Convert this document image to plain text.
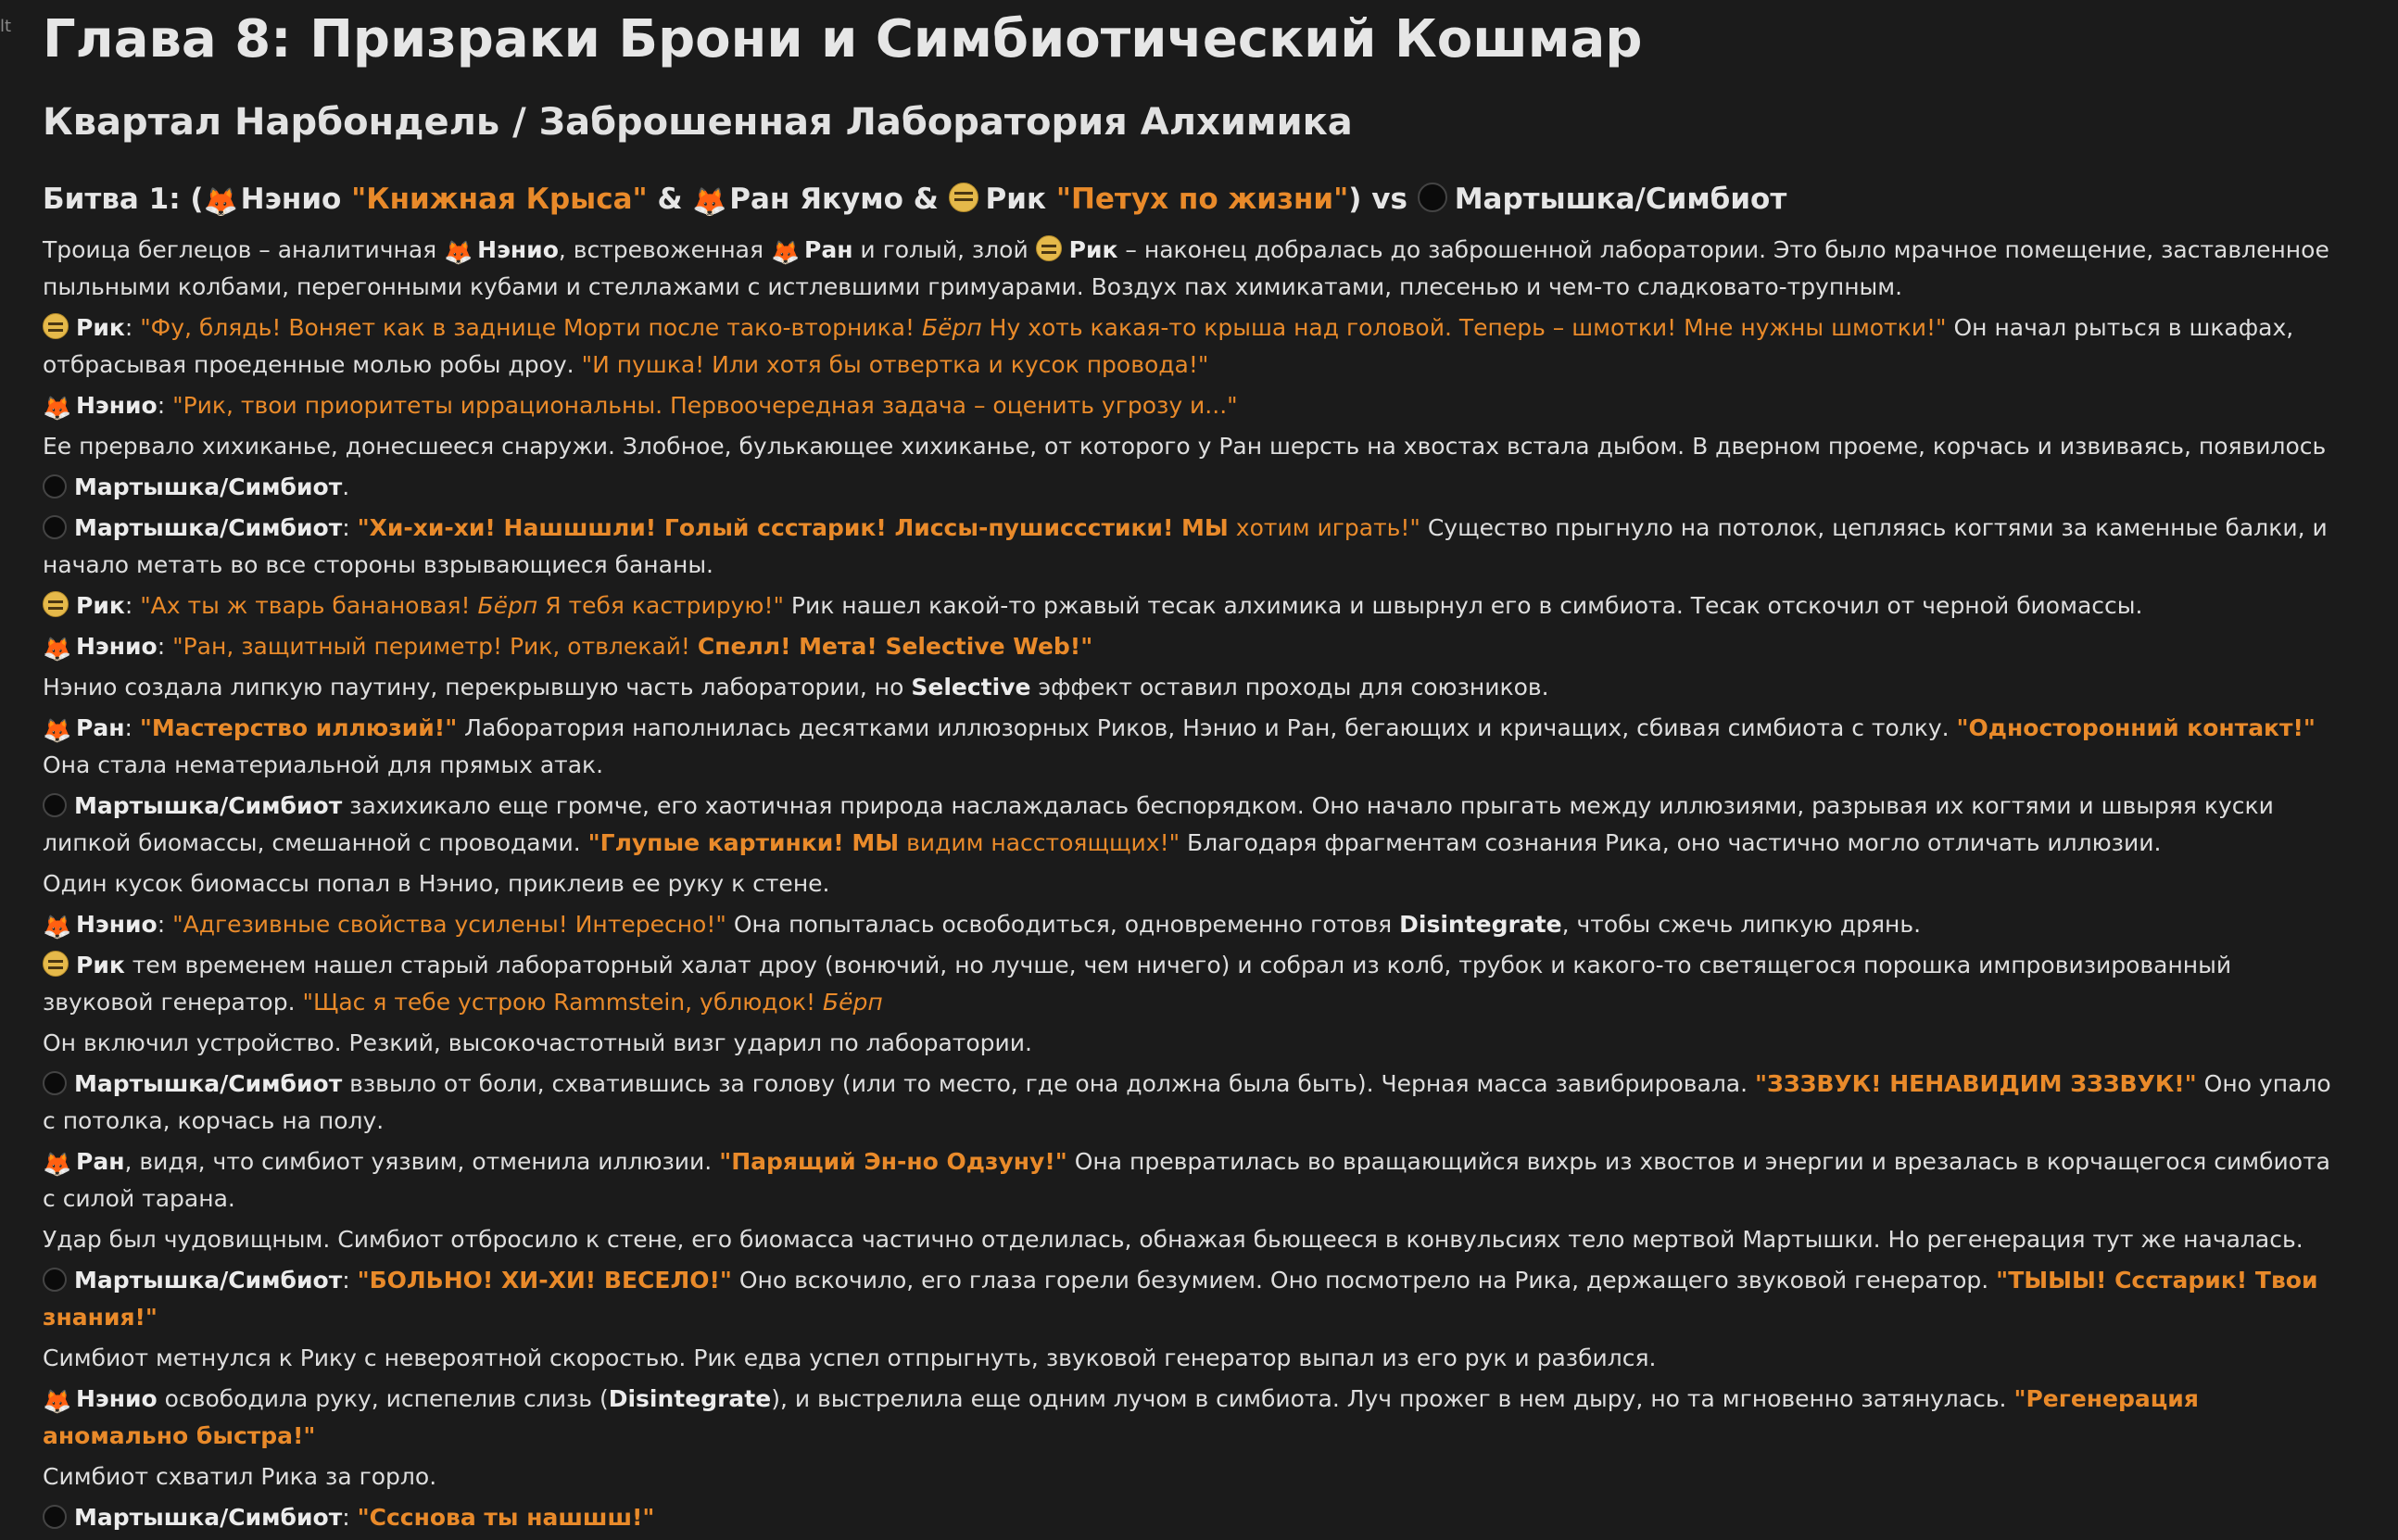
lt Глава 8: Призраки Брони и Симбиотический Кошмар
Квартал Нарбондель / Заброшенная Лаборатория Алхимика
Битва 1: (🦊Нэнио "Книжная Крыса" & 🦊Ран Якумо & Рик "Петух по жизни") vs Мартышка/Симбиот
Троица беглецов – аналитичная 🦊 Нэнио, встревоженная 🦊 Ран и голый, злой Рик – наконец добралась до заброшенной лаборатории. Это было мрачное помещение, заставленное пыльными колбами, перегонными кубами и стеллажами с истлевшими гримуарами. Воздух пах химикатами, плесенью и чем-то сладковато-трупным.
Рик: "Фу, блядь! Воняет как в заднице Морти после тако-вторника! Бёрп Ну хоть какая-то крыша над головой. Теперь – шмотки! Мне нужны шмотки!" Он начал рыться в шкафах, отбрасывая проеденные молью робы дроу. "И пушка! Или хотя бы отвертка и кусок провода!"
🦊 Нэнио: "Рик, твои приоритеты иррациональны. Первоочередная задача – оценить угрозу и..."
Ее прервало хихиканье, донесшееся снаружи. Злобное, булькающее хихиканье, от которого у Ран шерсть на хвостах встала дыбом. В дверном проеме, корчась и извиваясь, появилось
Мартышка/Симбиот.
Мартышка/Симбиот: "Хи-хи-хи! Нашшшли! Голый ссстарик! Лиссы-пушиссстики! МЫ хотим играть!" Существо прыгнуло на потолок, цепляясь когтями за каменные балки, и начало метать во все стороны взрывающиеся бананы.
Рик: "Ах ты ж тварь банановая! Бёрп Я тебя кастрирую!" Рик нашел какой-то ржавый тесак алхимика и швырнул его в симбиота. Тесак отскочил от черной биомассы.
🦊 Нэнио: "Ран, защитный периметр! Рик, отвлекай! Спелл! Мета! Selective Web!"
Нэнио создала липкую паутину, перекрывшую часть лаборатории, но Selective эффект оставил проходы для союзников.
🦊 Ран: "Мастерство иллюзий!" Лаборатория наполнилась десятками иллюзорных Риков, Нэнио и Ран, бегающих и кричащих, сбивая симбиота с толку. "Односторонний контакт!" Она стала нематериальной для прямых атак.
Мартышка/Симбиот захихикало еще громче, его хаотичная природа наслаждалась беспорядком. Оно начало прыгать между иллюзиями, разрывая их когтями и швыряя куски липкой биомассы, смешанной с проводами. "Глупые картинки! МЫ видим насстоящщих!" Благодаря фрагментам сознания Рика, оно частично могло отличать иллюзии.
Один кусок биомассы попал в Нэнио, приклеив ее руку к стене.
🦊 Нэнио: "Адгезивные свойства усилены! Интересно!" Она попыталась освободиться, одновременно готовя Disintegrate, чтобы сжечь липкую дрянь.
Рик тем временем нашел старый лабораторный халат дроу (вонючий, но лучше, чем ничего) и собрал из колб, трубок и какого-то светящегося порошка импровизированный звуковой генератор. "Щас я тебе устрою Rammstein, ублюдок! Бёрп
Он включил устройство. Резкий, высокочастотный визг ударил по лаборатории.
Мартышка/Симбиот взвыло от боли, схватившись за голову (или то место, где она должна была быть). Черная масса завибрировала. "ЗЗЗВУК! НЕНАВИДИМ ЗЗЗВУК!" Оно упало с потолка, корчась на полу.
🦊 Ран, видя, что симбиот уязвим, отменила иллюзии. "Парящий Эн-но Одзуну!" Она превратилась во вращающийся вихрь из хвостов и энергии и врезалась в корчащегося симбиота с силой тарана.
Удар был чудовищным. Симбиот отбросило к стене, его биомасса частично отделилась, обнажая бьющееся в конвульсиях тело мертвой Мартышки. Но регенерация тут же началась.
Мартышка/Симбиот: "БОЛЬНО! ХИ-ХИ! ВЕСЕЛО!" Оно вскочило, его глаза горели безумием. Оно посмотрело на Рика, держащего звуковой генератор. "ТЫЫЫ! Ссстарик! Твои знания!"
Симбиот метнулся к Рику с невероятной скоростью. Рик едва успел отпрыгнуть, звуковой генератор выпал из его рук и разбился.
🦊 Нэнио освободила руку, испепелив слизь (Disintegrate), и выстрелила еще одним лучом в симбиота. Луч прожег в нем дыру, но та мгновенно затянулась. "Регенерация аномально быстра!"
Симбиот схватил Рика за горло.
Мартышка/Симбиот: "Ссснова ты нашшш!"
